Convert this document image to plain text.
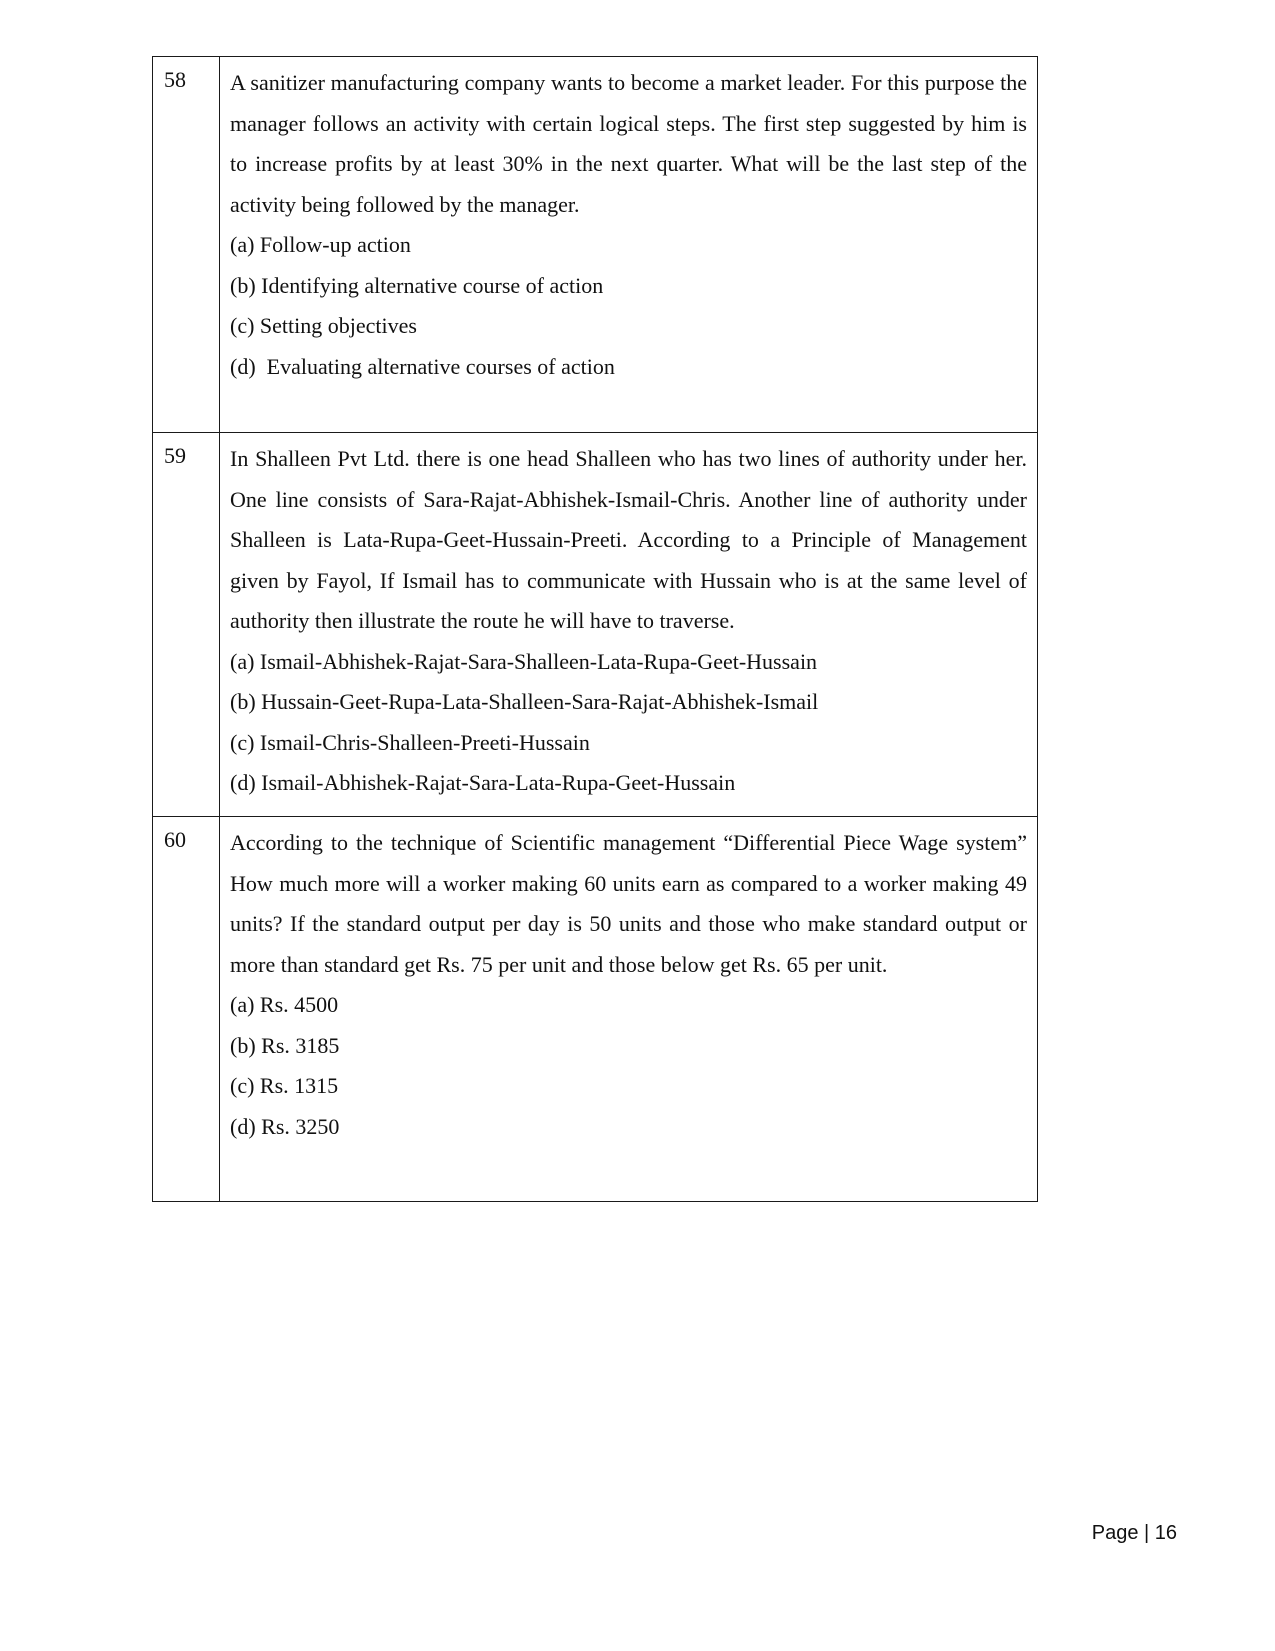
58	A sanitizer manufacturing company wants to become a market leader. For this purpose the manager follows an activity with certain logical steps. The first step suggested by him is to increase profits by at least 30% in the next quarter. What will be the last step of the activity being followed by the manager.

(a) Follow-up action

(b) Identifying alternative course of action

(c) Setting objectives

(d)  Evaluating alternative courses of action

59	In Shalleen Pvt Ltd. there is one head Shalleen who has two lines of authority under her. One line consists of Sara-Rajat-Abhishek-Ismail-Chris. Another line of authority under Shalleen is Lata-Rupa-Geet-Hussain-Preeti. According to a Principle of Management given by Fayol, If Ismail has to communicate with Hussain who is at the same level of authority then illustrate the route he will have to traverse.

(a) Ismail-Abhishek-Rajat-Sara-Shalleen-Lata-Rupa-Geet-Hussain

(b) Hussain-Geet-Rupa-Lata-Shalleen-Sara-Rajat-Abhishek-Ismail

(c) Ismail-Chris-Shalleen-Preeti-Hussain

(d) Ismail-Abhishek-Rajat-Sara-Lata-Rupa-Geet-Hussain

60	According to the technique of Scientific management “Differential Piece Wage system” How much more will a worker making 60 units earn as compared to a worker making 49 units? If the standard output per day is 50 units and those who make standard output or more than standard get Rs. 75 per unit and those below get Rs. 65 per unit.

(a) Rs. 4500

(b) Rs. 3185

(c) Rs. 1315

(d) Rs. 3250

Page | 16
